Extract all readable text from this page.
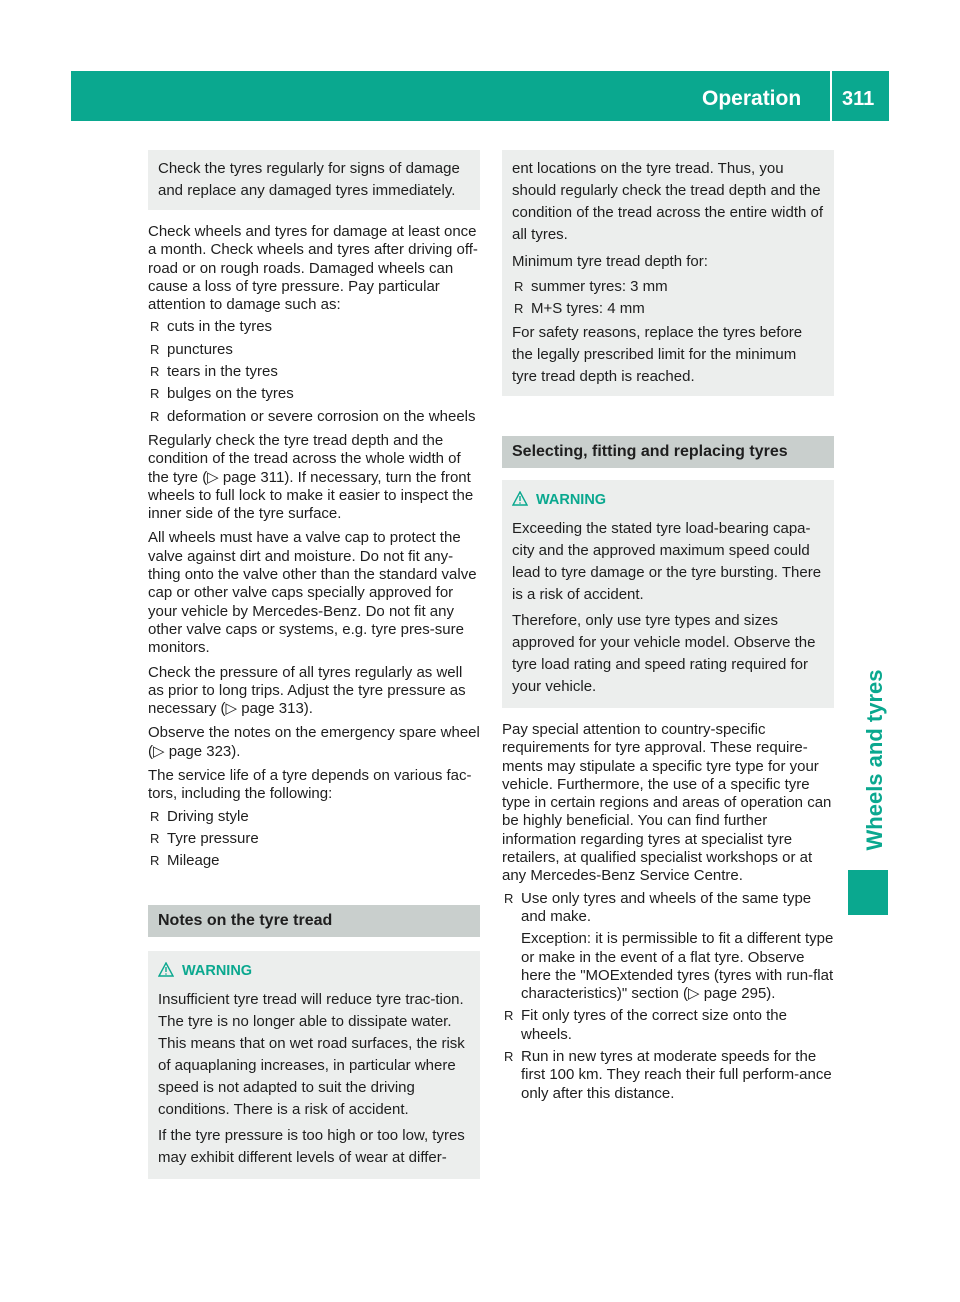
Operation 311
Wheels and tyres

Check the tyres regularly for signs of damage and replace any damaged tyres immediately.

Check wheels and tyres for damage at least once a month. Check wheels and tyres after driving off-road or on rough roads. Damaged wheels can cause a loss of tyre pressure. Pay particular attention to damage such as:

R cuts in the tyres
R punctures
R tears in the tyres
R bulges on the tyres
R deformation or severe corrosion on the wheels

Regularly check the tyre tread depth and the condition of the tread across the whole width of the tyre (▷ page 311). If necessary, turn the front wheels to full lock to make it easier to inspect the inner side of the tyre surface.

All wheels must have a valve cap to protect the valve against dirt and moisture. Do not fit any-thing onto the valve other than the standard valve cap or other valve caps specially approved for your vehicle by Mercedes-Benz. Do not fit any other valve caps or systems, e.g. tyre pres-sure monitors.

Check the pressure of all tyres regularly as well as prior to long trips. Adjust the tyre pressure as necessary (▷ page 313).

Observe the notes on the emergency spare wheel (▷ page 323).

The service life of a tyre depends on various fac-tors, including the following:

R Driving style
R Tyre pressure
R Mileage
Notes on the tyre tread
WARNING

Insufficient tyre tread will reduce tyre trac-tion. The tyre is no longer able to dissipate water. This means that on wet road surfaces, the risk of aquaplaning increases, in particular where speed is not adapted to suit the driving conditions. There is a risk of accident.

If the tyre pressure is too high or too low, tyres may exhibit different levels of wear at differ-

ent locations on the tyre tread. Thus, you should regularly check the tread depth and the condition of the tread across the entire width of all tyres.

Minimum tyre tread depth for:

R summer tyres: 3 mm
R M+S tyres: 4 mm

For safety reasons, replace the tyres before the legally prescribed limit for the minimum tyre tread depth is reached.

Selecting, fitting and replacing tyres
WARNING

Exceeding the stated tyre load-bearing capa-city and the approved maximum speed could lead to tyre damage or the tyre bursting. There is a risk of accident.

Therefore, only use tyre types and sizes approved for your vehicle model. Observe the tyre load rating and speed rating required for your vehicle.

Pay special attention to country-specific requirements for tyre approval. These require-ments may stipulate a specific tyre type for your vehicle. Furthermore, the use of a specific tyre type in certain regions and areas of operation can be highly beneficial. You can find further information regarding tyres at specialist tyre retailers, at qualified specialist workshops or at any Mercedes-Benz Service Centre.

R Use only tyres and wheels of the same type and make.
Exception: it is permissible to fit a different type or make in the event of a flat tyre. Observe here the "MOExtended tyres (tyres with run-flat characteristics)" section (▷ page 295).
R Fit only tyres of the correct size onto the wheels.
R Run in new tyres at moderate speeds for the first 100 km. They reach their full perform-ance only after this distance.
